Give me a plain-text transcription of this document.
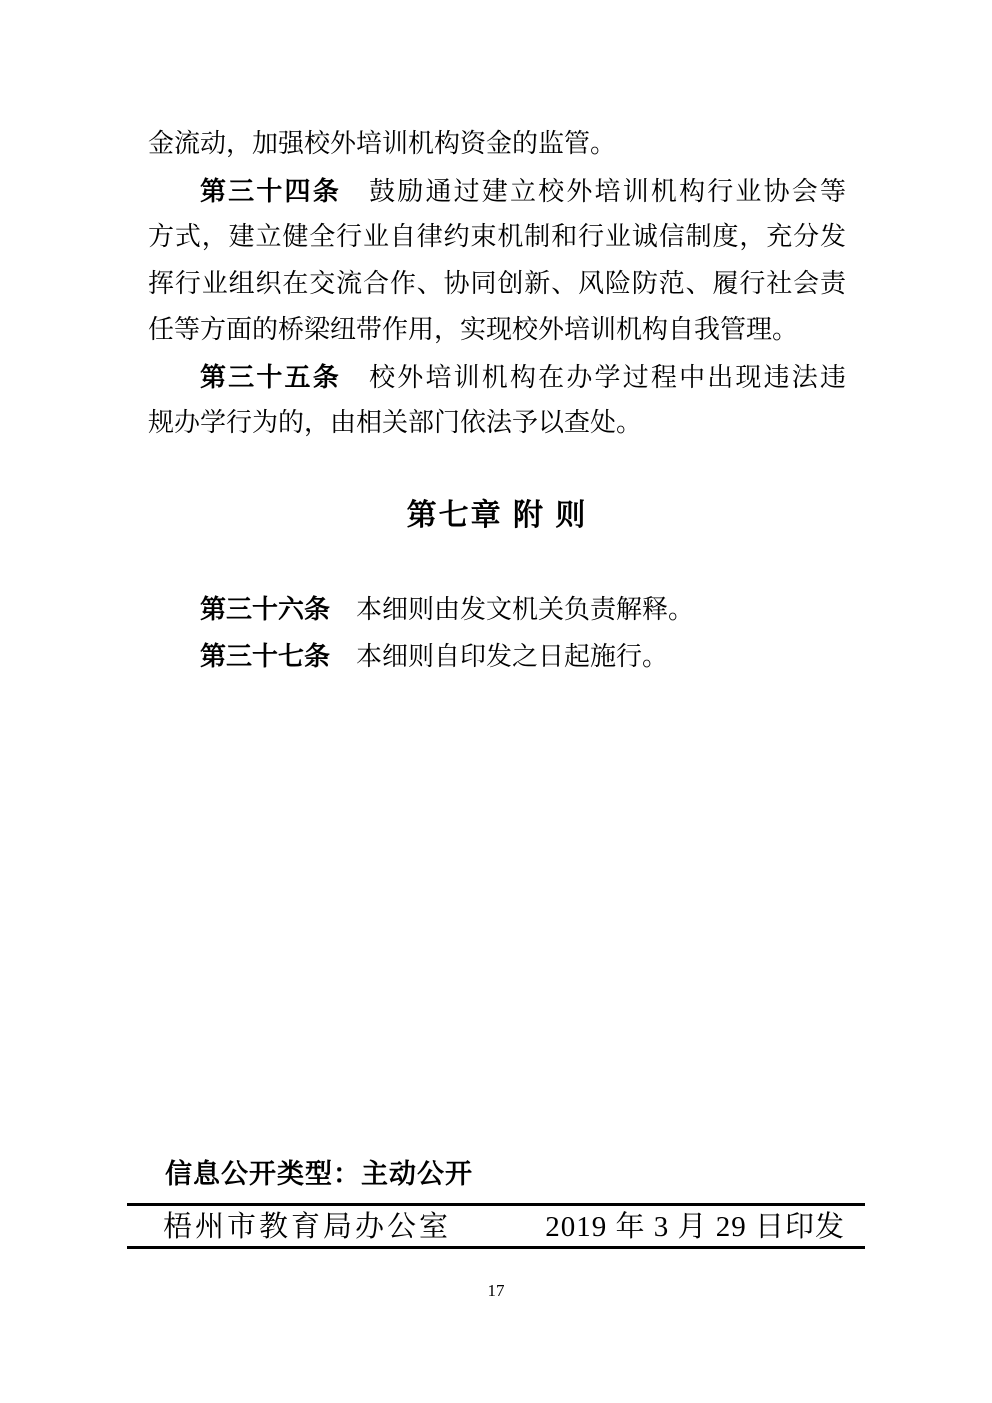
金流动，加强校外培训机构资金的监管。
第三十四条　鼓励通过建立校外培训机构行业协会等
方式，建立健全行业自律约束机制和行业诚信制度，充分发
挥行业组织在交流合作、协同创新、风险防范、履行社会责
任等方面的桥梁纽带作用，实现校外培训机构自我管理。
第三十五条　校外培训机构在办学过程中出现违法违
规办学行为的，由相关部门依法予以查处。
第七章 附 则
第三十六条　本细则由发文机关负责解释。
第三十七条　本细则自印发之日起施行。
信息公开类型：主动公开
梧州市教育局办公室	2019 年 3 月 29 日印发
17
